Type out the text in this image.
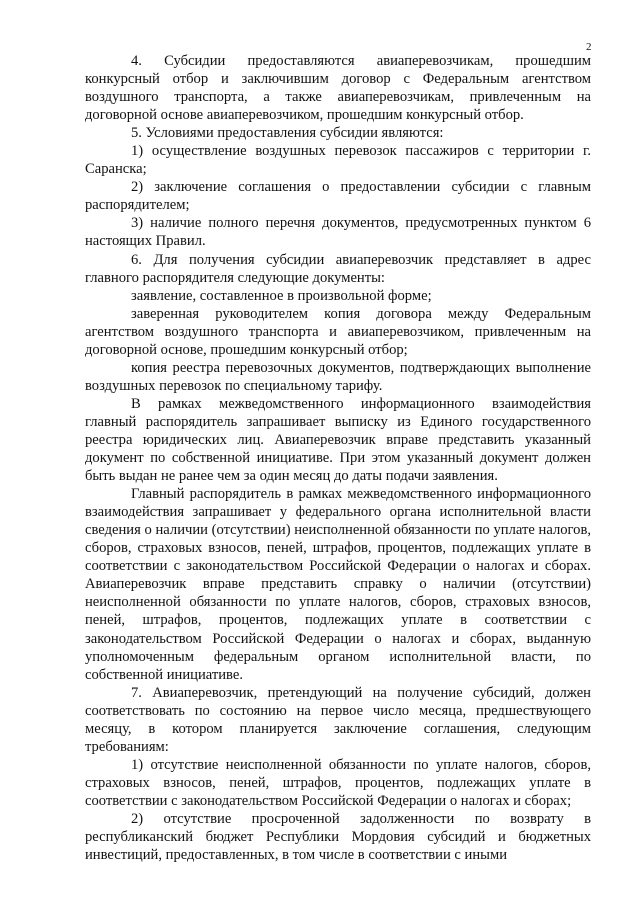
2

4. Субсидии предоставляются авиаперевозчикам, прошедшим конкурсный отбор и заключившим договор с Федеральным агентством воздушного транспорта, а также авиаперевозчикам, привлеченным на договорной основе авиаперевозчиком, прошедшим конкурсный отбор.

5. Условиями предоставления субсидии являются:

1) осуществление воздушных перевозок пассажиров с территории г. Саранска;

2) заключение соглашения о предоставлении субсидии с главным распорядителем;

3) наличие полного перечня документов, предусмотренных пунктом 6 настоящих Правил.

6. Для получения субсидии авиаперевозчик представляет в адрес главного распорядителя следующие документы:

заявление, составленное в произвольной форме;

заверенная руководителем копия договора между Федеральным агентством воздушного транспорта и авиаперевозчиком, привлеченным на договорной основе, прошедшим конкурсный отбор;

копия реестра перевозочных документов, подтверждающих выполнение воздушных перевозок по специальному тарифу.

В рамках межведомственного информационного взаимодействия главный распорядитель запрашивает выписку из Единого государственного реестра юридических лиц. Авиаперевозчик вправе представить указанный документ по собственной инициативе. При этом указанный документ должен быть выдан не ранее чем за один месяц до даты подачи заявления.

Главный распорядитель в рамках межведомственного информационного взаимодействия запрашивает у федерального органа исполнительной власти сведения о наличии (отсутствии) неисполненной обязанности по уплате налогов, сборов, страховых взносов, пеней, штрафов, процентов, подлежащих уплате в соответствии с законодательством Российской Федерации о налогах и сборах. Авиаперевозчик вправе представить справку о наличии (отсутствии) неисполненной обязанности по уплате налогов, сборов, страховых взносов, пеней, штрафов, процентов, подлежащих уплате в соответствии с законодательством Российской Федерации о налогах и сборах, выданную уполномоченным федеральным органом исполнительной власти, по собственной инициативе.

7. Авиаперевозчик, претендующий на получение субсидий, должен соответствовать по состоянию на первое число месяца, предшествующего месяцу, в котором планируется заключение соглашения, следующим требованиям:

1) отсутствие неисполненной обязанности по уплате налогов, сборов, страховых взносов, пеней, штрафов, процентов, подлежащих уплате в соответствии с законодательством Российской Федерации о налогах и сборах;

2) отсутствие просроченной задолженности по возврату в республиканский бюджет Республики Мордовия субсидий и бюджетных инвестиций, предоставленных, в том числе в соответствии с иными
